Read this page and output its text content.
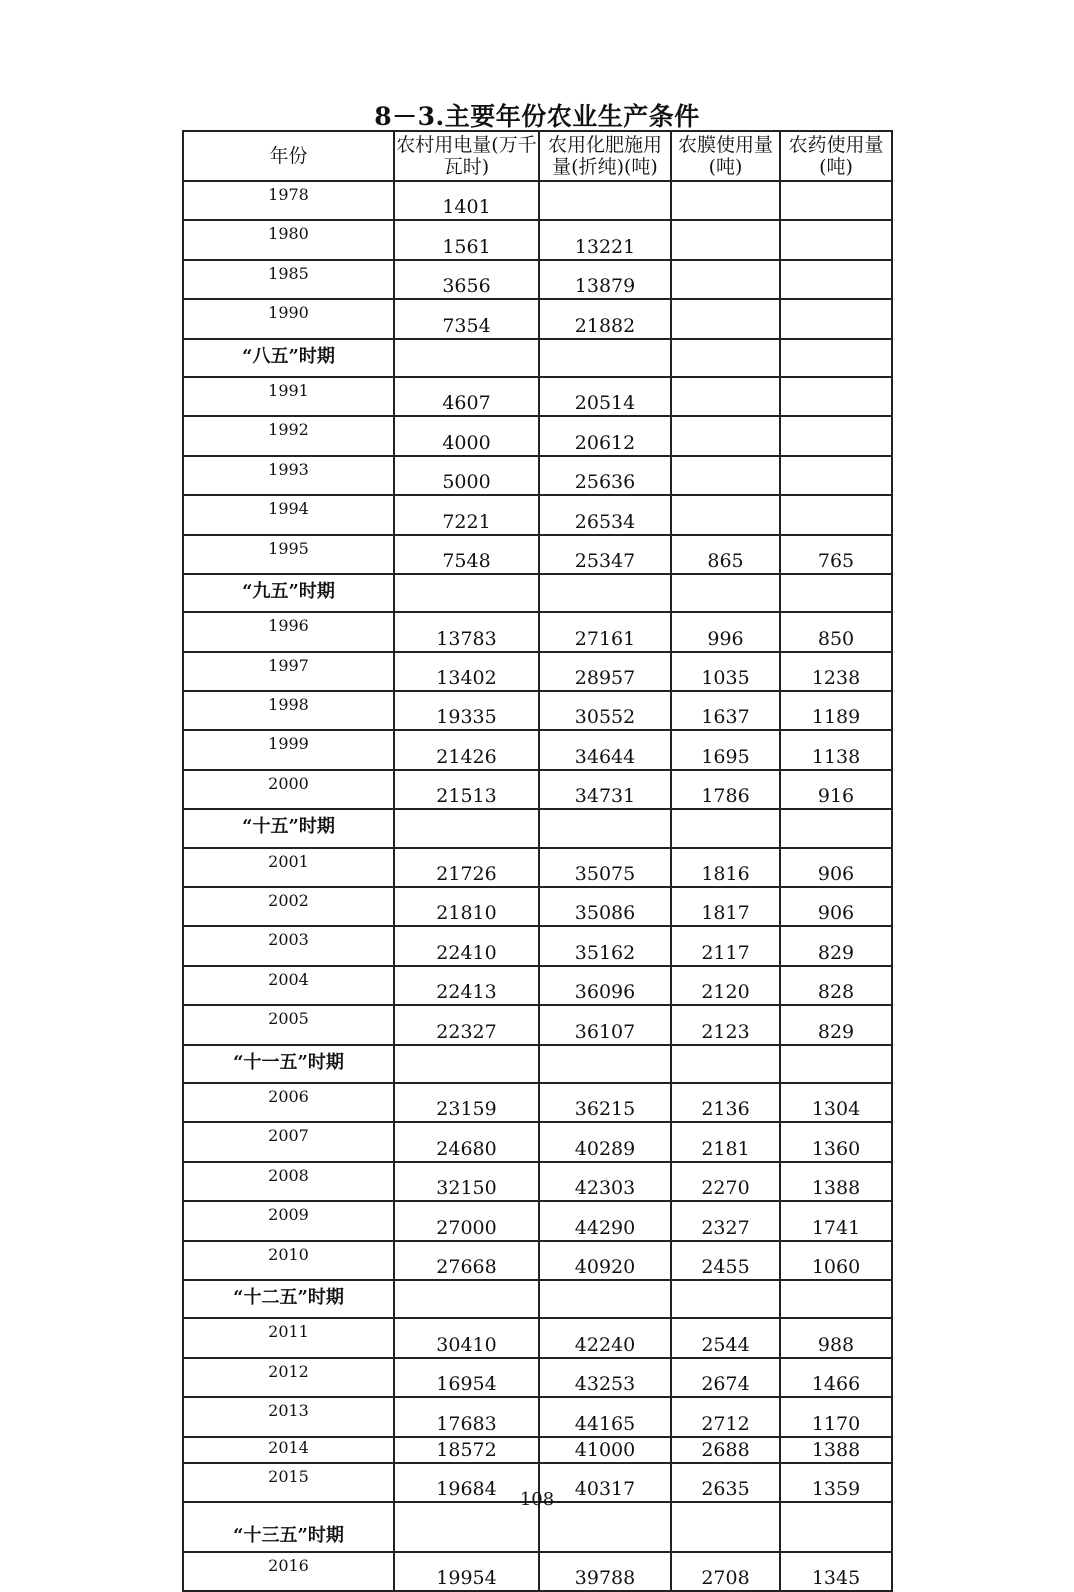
8－3.主要年份农业生产条件
年份	农村用电量(万千瓦时)	农用化肥施用量(折纯)(吨)	农膜使用量(吨)	农药使用量(吨)
1978	1401			
1980	1561	13221		
1985	3656	13879		
1990	7354	21882		
“八五”时期				
1991	4607	20514		
1992	4000	20612		
1993	5000	25636		
1994	7221	26534		
1995	7548	25347	865	765
“九五”时期				
1996	13783	27161	996	850
1997	13402	28957	1035	1238
1998	19335	30552	1637	1189
1999	21426	34644	1695	1138
2000	21513	34731	1786	916
“十五”时期				
2001	21726	35075	1816	906
2002	21810	35086	1817	906
2003	22410	35162	2117	829
2004	22413	36096	2120	828
2005	22327	36107	2123	829
“十一五”时期				
2006	23159	36215	2136	1304
2007	24680	40289	2181	1360
2008	32150	42303	2270	1388
2009	27000	44290	2327	1741
2010	27668	40920	2455	1060
“十二五”时期				
2011	30410	42240	2544	988
2012	16954	43253	2674	1466
2013	17683	44165	2712	1170
2014	18572	41000	2688	1388
2015	19684	40317	2635	1359
“十三五”时期				
2016	19954	39788	2708	1345
108
